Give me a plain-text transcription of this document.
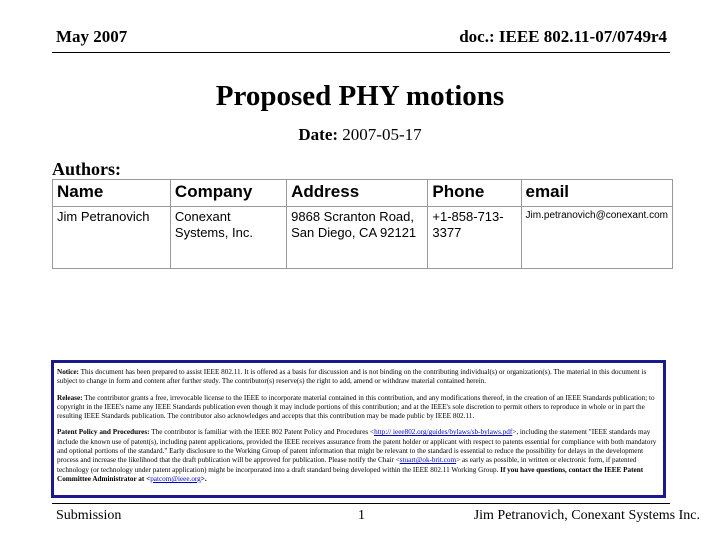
May 2007	doc.: IEEE 802.11-07/0749r4
Proposed PHY motions
Date: 2007-05-17
Authors:
Name	Company	Address	Phone	email
Jim Petranovich	Conexant Systems, Inc.	9868 Scranton Road, San Diego, CA 92121	+1-858-713-3377	Jim.petranovich@conexant.com

Notice: This document has been prepared to assist IEEE 802.11. It is offered as a basis for discussion and is not binding on the contributing individual(s) or organization(s). The material in this document is subject to change in form and content after further study. The contributor(s) reserve(s) the right to add, amend or withdraw material contained herein.

Release: The contributor grants a free, irrevocable license to the IEEE to incorporate material contained in this contribution, and any modifications thereof, in the creation of an IEEE Standards publication; to copyright in the IEEE's name any IEEE Standards publication even though it may include portions of this contribution; and at the IEEE's sole discretion to permit others to reproduce in whole or in part the resulting IEEE Standards publication. The contributor also acknowledges and accepts that this contribution may be made public by IEEE 802.11.

Patent Policy and Procedures: The contributor is familiar with the IEEE 802 Patent Policy and Procedures <http:// ieee802.org/guides/bylaws/sb-bylaws.pdf>, including the statement "IEEE standards may include the known use of patent(s), including patent applications, provided the IEEE receives assurance from the patent holder or applicant with respect to patents essential for compliance with both mandatory and optional portions of the standard." Early disclosure to the Working Group of patent information that might be relevant to the standard is essential to reduce the possibility for delays in the development process and increase the likelihood that the draft publication will be approved for publication. Please notify the Chair <stuart@ok-brit.com> as early as possible, in written or electronic form, if patented technology (or technology under patent application) might be incorporated into a draft standard being developed within the IEEE 802.11 Working Group. If you have questions, contact the IEEE Patent Committee Administrator at <patcom@ieee.org>.

Submission	1	Jim Petranovich, Conexant Systems Inc.
